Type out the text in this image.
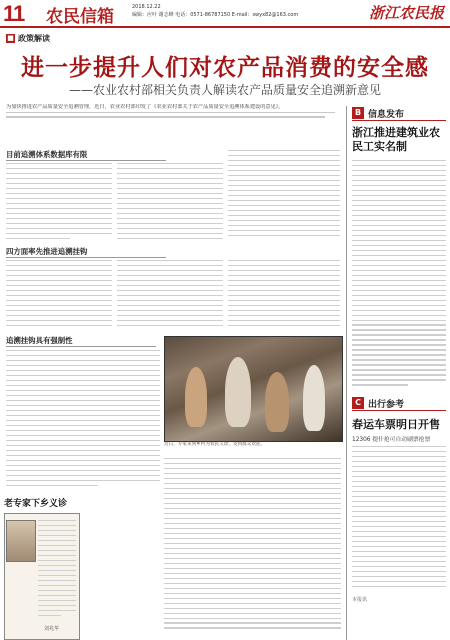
11 农民信箱	2018.12.22
编辑：应叶 谢志峰 电话：0571-86787150 E-mail：swyx82@163.com	浙江农民报
■ 政策解读
进一步提升人们对农产品消费的安全感
——农业农村部相关负责人解读农产品质量安全追溯新意见
为加快推进农产品质量安全追溯管理，近日，农业农村部印发了《农业农村部关于农产品质量安全追溯体系建设的意见》。
目前追溯体系数据库有限
四方面率先推进追溯挂钩
追溯挂钩具有强制性
近日，专家来到乡村为农民义诊，受到群众欢迎。
老专家下乡义诊
刘兆华
B 信息发布
浙江推进建筑业农民工实名制
C 出行参考
春运车票明日开售
12306 提什抢可自动刷票抢票
本报讯
